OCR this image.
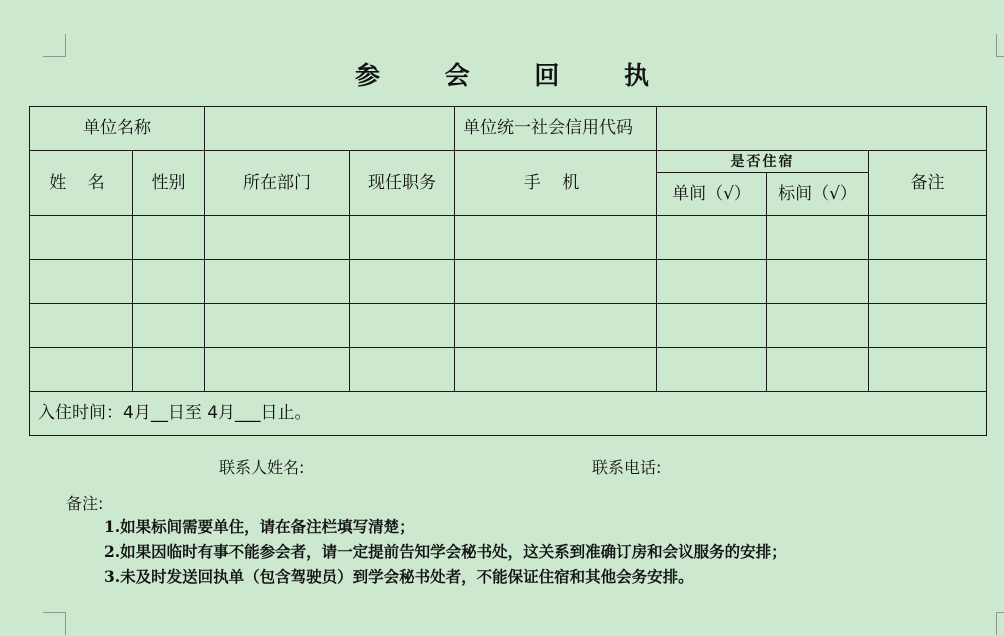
参 会 回 执
单位名称				单位统一社会信用代码			
姓 名	性别	所在部门	现任职务	手 机	是否住宿		备注
					单间（√）	标间（√）	

入住时间：4月__日至 4月___日止。							
联系人姓名:	联系电话:
备注:
1.如果标间需要单住，请在备注栏填写清楚；
2.如果因临时有事不能参会者，请一定提前告知学会秘书处，这关系到准确订房和会议服务的安排；
3.未及时发送回执单（包含驾驶员）到学会秘书处者，不能保证住宿和其他会务安排。
